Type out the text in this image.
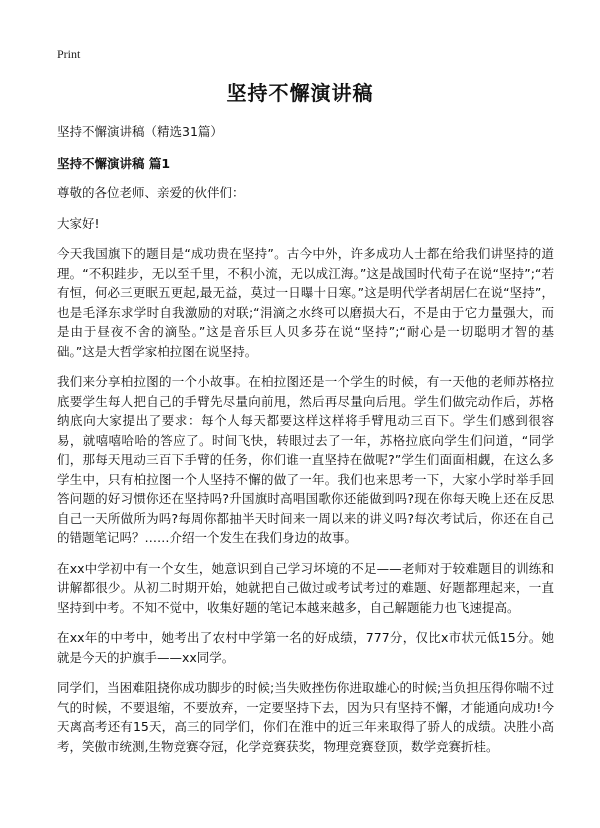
Print
坚持不懈演讲稿

坚持不懈演讲稿（精选31篇）

坚持不懈演讲稿 篇1

尊敬的各位老师、亲爱的伙伴们：

大家好!

今天我国旗下的题目是“成功贵在坚持”。古今中外，许多成功人士都在给我们讲坚持的道理。“不积跬步，无以至千里，不积小流，无以成江海。”这是战国时代荀子在说“坚持”;“若有恒，何必三更眠五更起,最无益，莫过一日曝十日寒。”这是明代学者胡居仁在说“坚持”，也是毛泽东求学时自我激励的对联;“涓滴之水终可以磨损大石，不是由于它力量强大，而是由于昼夜不舍的滴坠。”这是音乐巨人贝多芬在说“坚持”;“耐心是一切聪明才智的基础。”这是大哲学家柏拉图在说坚持。

我们来分享柏拉图的一个小故事。在柏拉图还是一个学生的时候，有一天他的老师苏格拉底要学生每人把自己的手臂先尽量向前甩，然后再尽量向后甩。学生们做完动作后，苏格纳底向大家提出了要求：每个人每天都要这样这样将手臂甩动三百下。学生们感到很容易，就嘻嘻哈哈的答应了。时间飞快，转眼过去了一年，苏格拉底向学生们问道，“同学们，那每天甩动三百下手臂的任务，你们谁一直坚持在做呢?”学生们面面相觑，在这么多学生中，只有柏拉图一个人坚持不懈的做了一年。我们也来思考一下，大家小学时举手回答问题的好习惯你还在坚持吗?升国旗时高唱国歌你还能做到吗?现在你每天晚上还在反思自己一天所做所为吗?每周你都抽半天时间来一周以来的讲义吗?每次考试后，你还在自己的错题笔记吗？……介绍一个发生在我们身边的故事。

在xx中学初中有一个女生，她意识到自己学习坏境的不足——老师对于较难题目的训练和讲解都很少。从初二时期开始，她就把自己做过或考试考过的难题、好题都理起来，一直坚持到中考。不知不觉中，收集好题的笔记本越来越多，自己解题能力也飞速提高。

在xx年的中考中，她考出了农村中学第一名的好成绩，777分，仅比x市状元低15分。她就是今天的护旗手——xx同学。

同学们，当困难阻挠你成功脚步的时候;当失败挫伤你进取雄心的时候;当负担压得你喘不过气的时候，不要退缩，不要放弃，一定要坚持下去，因为只有坚持不懈，才能通向成功!今天离高考还有15天，高三的同学们，你们在淮中的近三年来取得了骄人的成绩。决胜小高考，笑傲市统测,生物竞赛夺冠，化学竞赛获奖，物理竞赛登顶，数学竞赛折桂。
